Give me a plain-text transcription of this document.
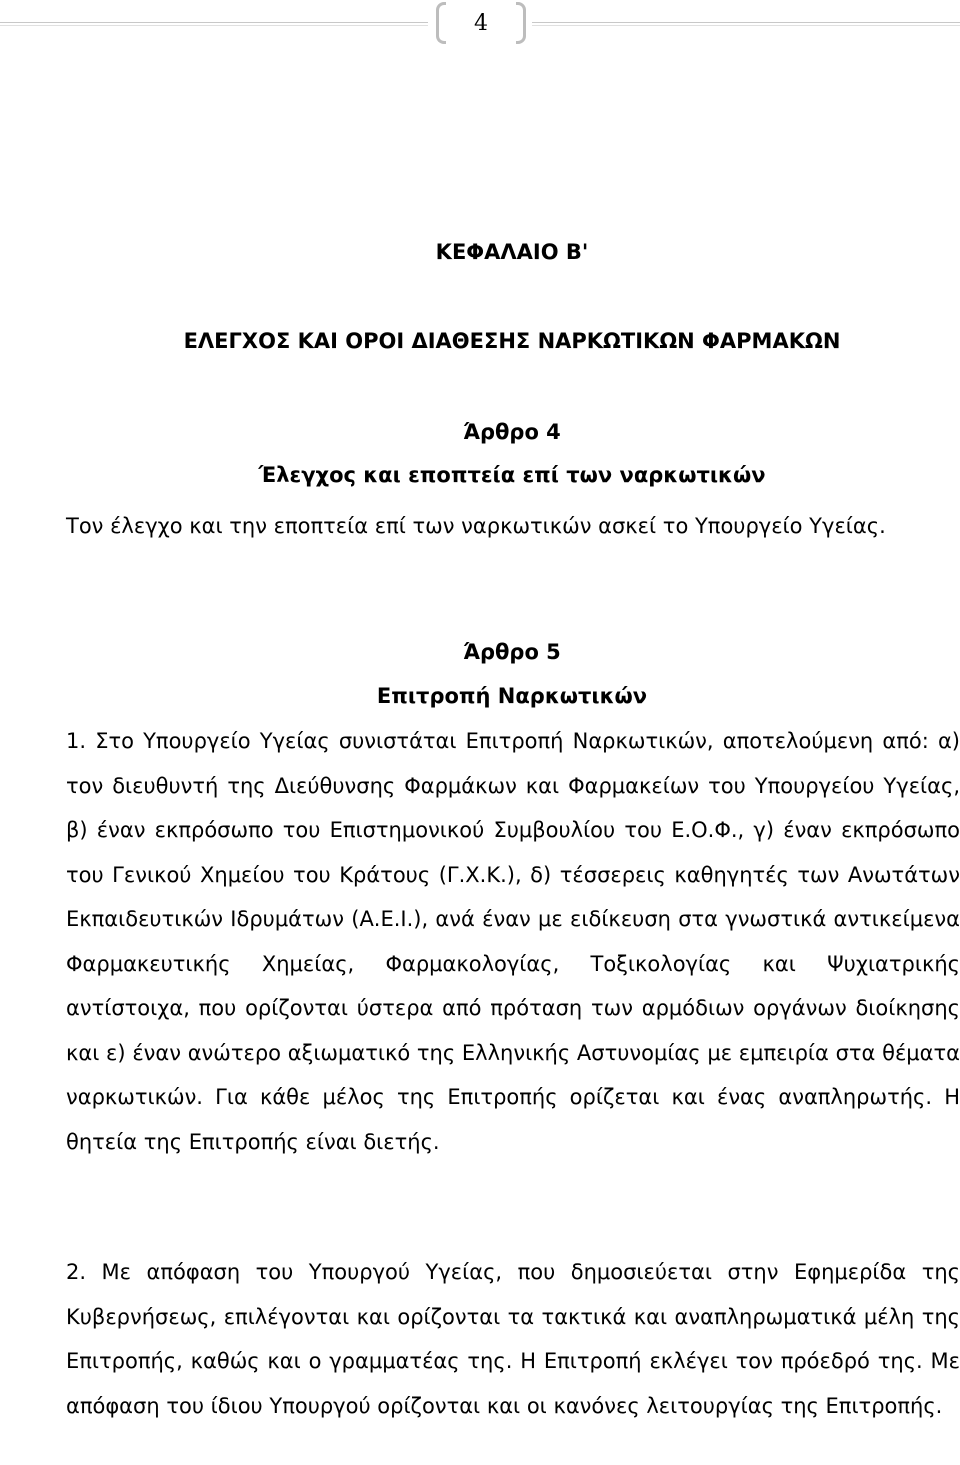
4
ΚΕΦΑΛΑΙΟ Β'
ΕΛΕΓΧΟΣ ΚΑΙ ΟΡΟΙ ΔΙΑΘΕΣΗΣ ΝΑΡΚΩΤΙΚΩΝ ΦΑΡΜΑΚΩΝ
Άρθρο 4
Έλεγχος και εποπτεία επί των ναρκωτικών

Τον έλεγχο και την εποπτεία επί των ναρκωτικών ασκεί το Υπουργείο Υγείας.

Άρθρο 5
Επιτροπή Ναρκωτικών

1. Στο Υπουργείο Υγείας συνιστάται Επιτροπή Ναρκωτικών, αποτελούμενη από: α) τον διευθυντή της Διεύθυνσης Φαρμάκων και Φαρμακείων του Υπουργείου Υγείας, β) έναν εκπρόσωπο του Επιστημονικού Συμβουλίου του Ε.Ο.Φ., γ) έναν εκπρόσωπο του Γενικού Χημείου του Κράτους (Γ.Χ.Κ.), δ) τέσσερεις καθηγητές των Ανωτάτων Εκπαιδευτικών Ιδρυμάτων (Α.Ε.Ι.), ανά έναν με ειδίκευση στα γνωστικά αντικείμενα Φαρμακευτικής Χημείας, Φαρμακολογίας, Τοξικολογίας και Ψυχιατρικής αντίστοιχα, που ορίζονται ύστερα από πρόταση των αρμόδιων οργάνων διοίκησης και ε) έναν ανώτερο αξιωματικό της Ελληνικής Αστυνομίας με εμπειρία στα θέματα ναρκωτικών. Για κάθε μέλος της Επιτροπής ορίζεται και ένας αναπληρωτής. Η θητεία της Επιτροπής είναι διετής.

2. Με απόφαση του Υπουργού Υγείας, που δημοσιεύεται στην Εφημερίδα της Κυβερνήσεως, επιλέγονται και ορίζονται τα τακτικά και αναπληρωματικά μέλη της Επιτροπής, καθώς και ο γραμματέας της. Η Επιτροπή εκλέγει τον πρόεδρό της. Με απόφαση του ίδιου Υπουργού ορίζονται και οι κανόνες λειτουργίας της Επιτροπής.
